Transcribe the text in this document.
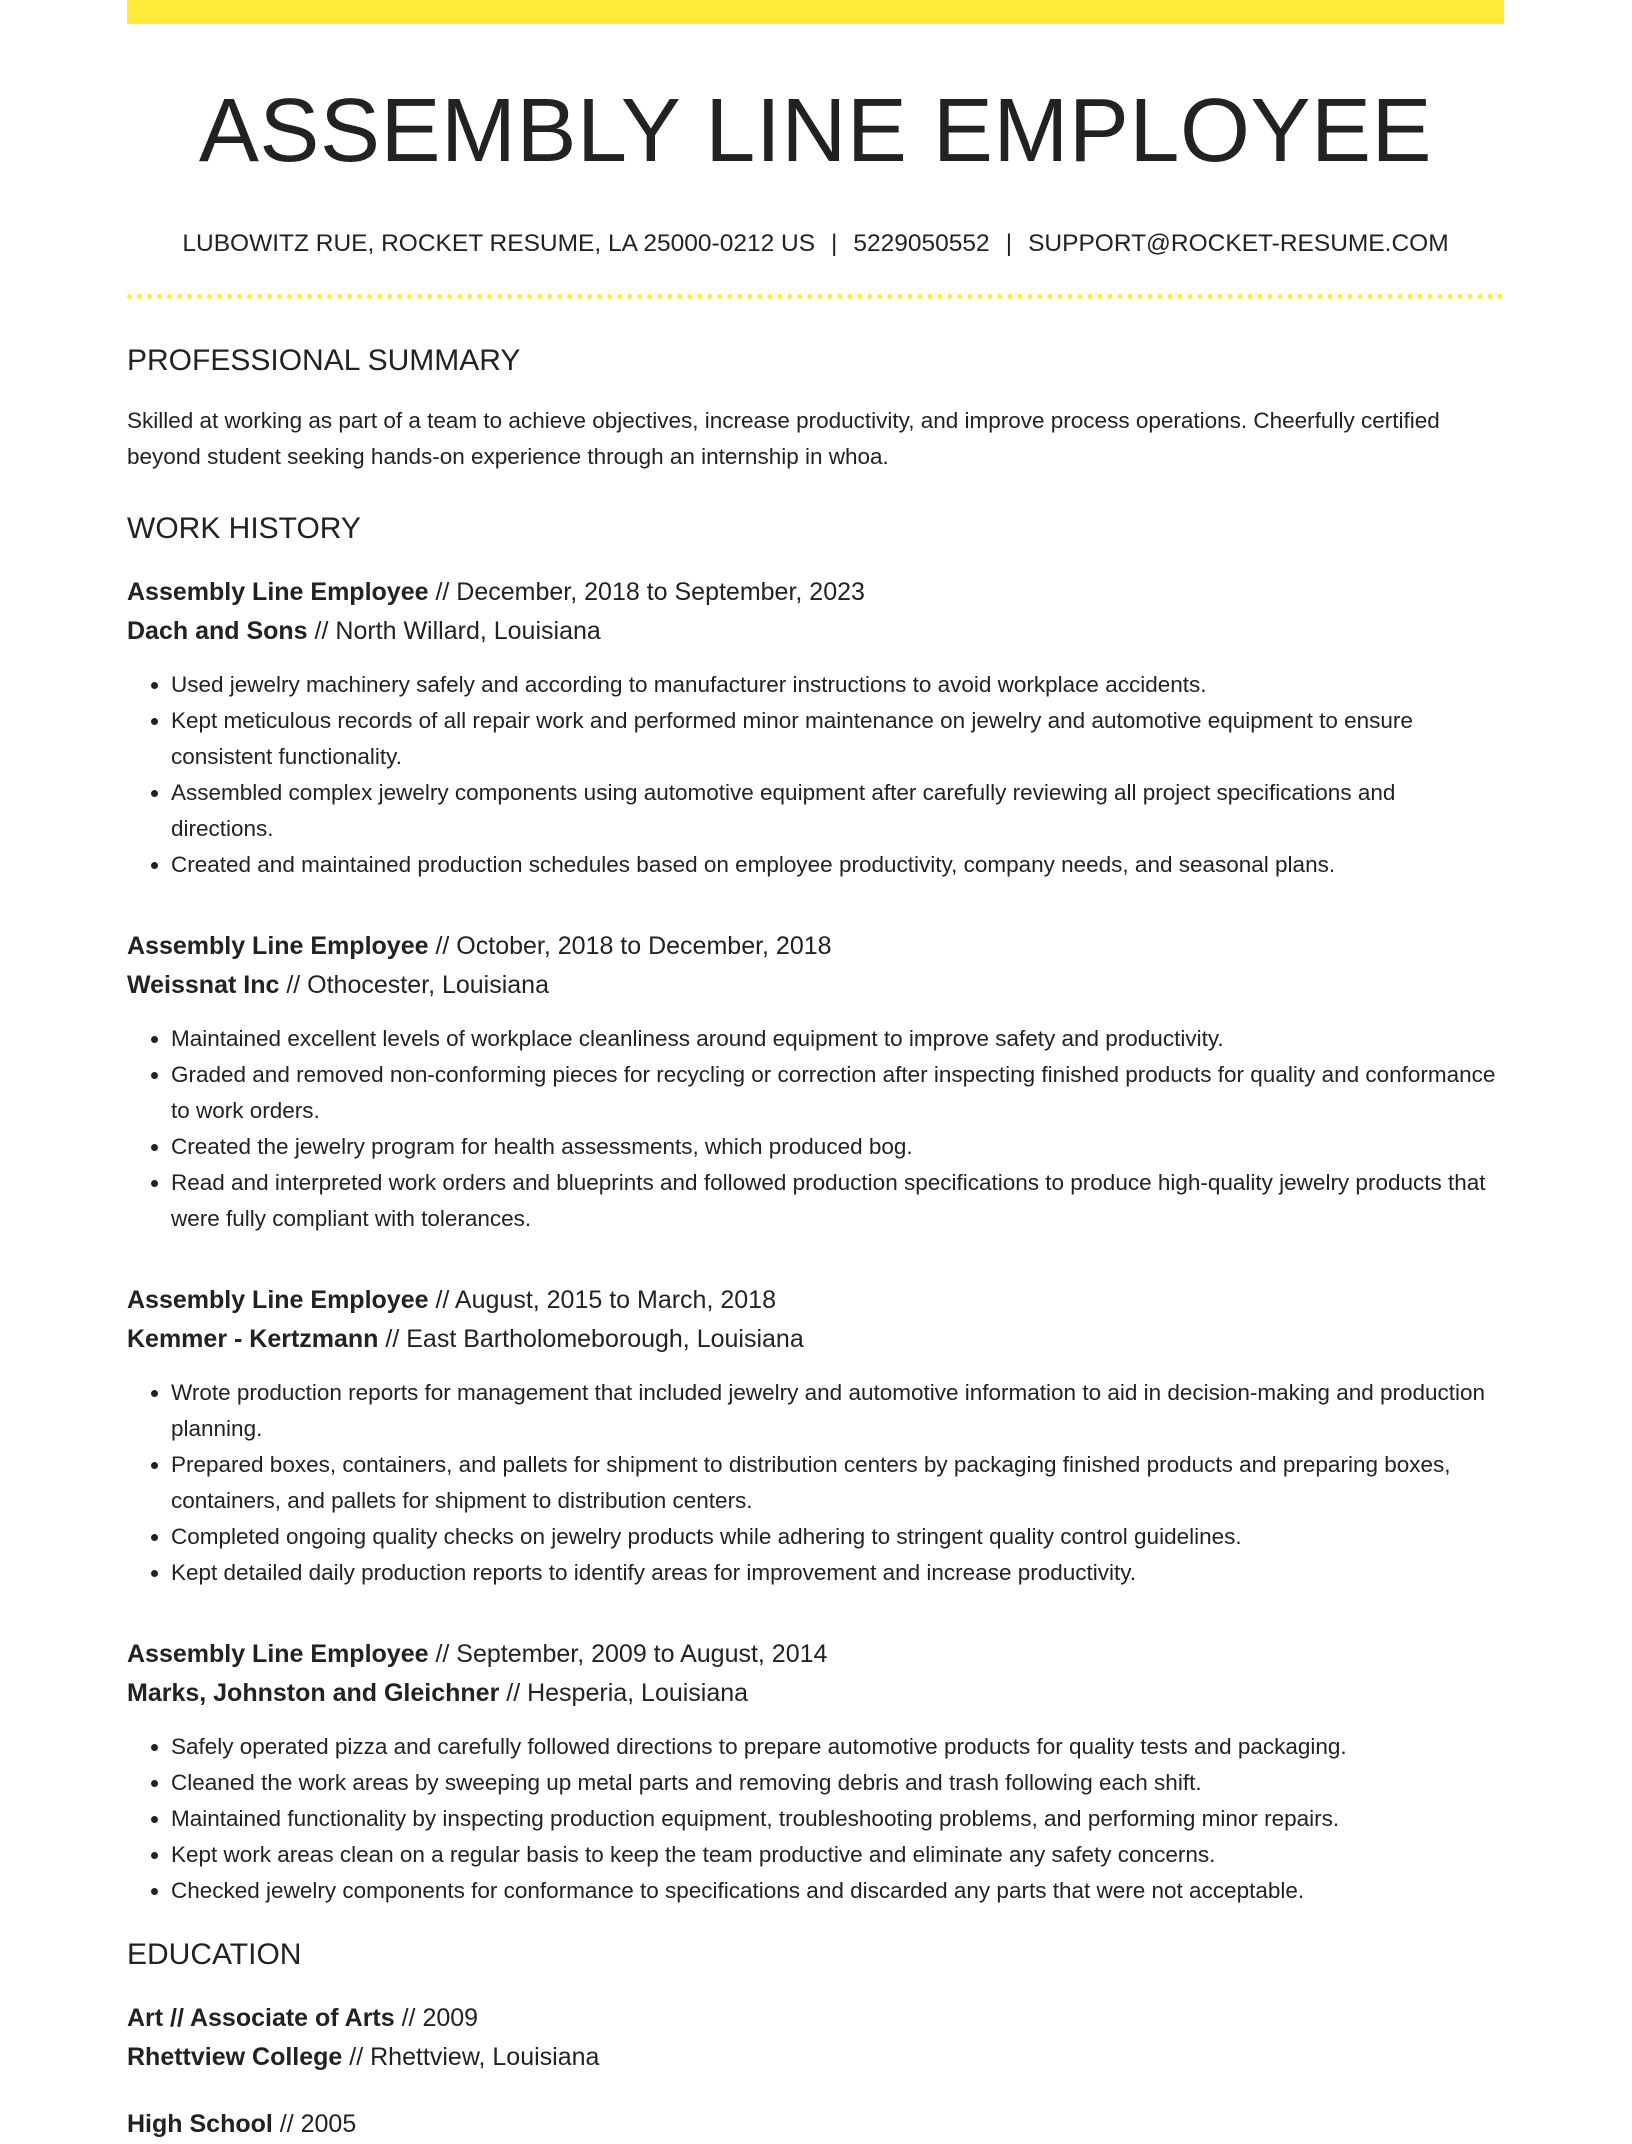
ASSEMBLY LINE EMPLOYEE
LUBOWITZ RUE, ROCKET RESUME, LA 25000-0212 US | 5229050552 | SUPPORT@ROCKET-RESUME.COM
PROFESSIONAL SUMMARY

Skilled at working as part of a team to achieve objectives, increase productivity, and improve process operations. Cheerfully certified beyond student seeking hands-on experience through an internship in whoa.

WORK HISTORY
Assembly Line Employee // December, 2018 to September, 2023
Dach and Sons // North Willard, Louisiana
• Used jewelry machinery safely and according to manufacturer instructions to avoid workplace accidents.
• Kept meticulous records of all repair work and performed minor maintenance on jewelry and automotive equipment to ensure consistent functionality.
• Assembled complex jewelry components using automotive equipment after carefully reviewing all project specifications and directions.
• Created and maintained production schedules based on employee productivity, company needs, and seasonal plans.
Assembly Line Employee // October, 2018 to December, 2018
Weissnat Inc // Othocester, Louisiana
• Maintained excellent levels of workplace cleanliness around equipment to improve safety and productivity.
• Graded and removed non-conforming pieces for recycling or correction after inspecting finished products for quality and conformance to work orders.
• Created the jewelry program for health assessments, which produced bog.
• Read and interpreted work orders and blueprints and followed production specifications to produce high-quality jewelry products that were fully compliant with tolerances.
Assembly Line Employee // August, 2015 to March, 2018
Kemmer - Kertzmann // East Bartholomeborough, Louisiana
• Wrote production reports for management that included jewelry and automotive information to aid in decision-making and production planning.
• Prepared boxes, containers, and pallets for shipment to distribution centers by packaging finished products and preparing boxes, containers, and pallets for shipment to distribution centers.
• Completed ongoing quality checks on jewelry products while adhering to stringent quality control guidelines.
• Kept detailed daily production reports to identify areas for improvement and increase productivity.
Assembly Line Employee // September, 2009 to August, 2014
Marks, Johnston and Gleichner // Hesperia, Louisiana
• Safely operated pizza and carefully followed directions to prepare automotive products for quality tests and packaging.
• Cleaned the work areas by sweeping up metal parts and removing debris and trash following each shift.
• Maintained functionality by inspecting production equipment, troubleshooting problems, and performing minor repairs.
• Kept work areas clean on a regular basis to keep the team productive and eliminate any safety concerns.
• Checked jewelry components for conformance to specifications and discarded any parts that were not acceptable.
EDUCATION
Art // Associate of Arts // 2009
Rhettview College // Rhettview, Louisiana
High School // 2005
